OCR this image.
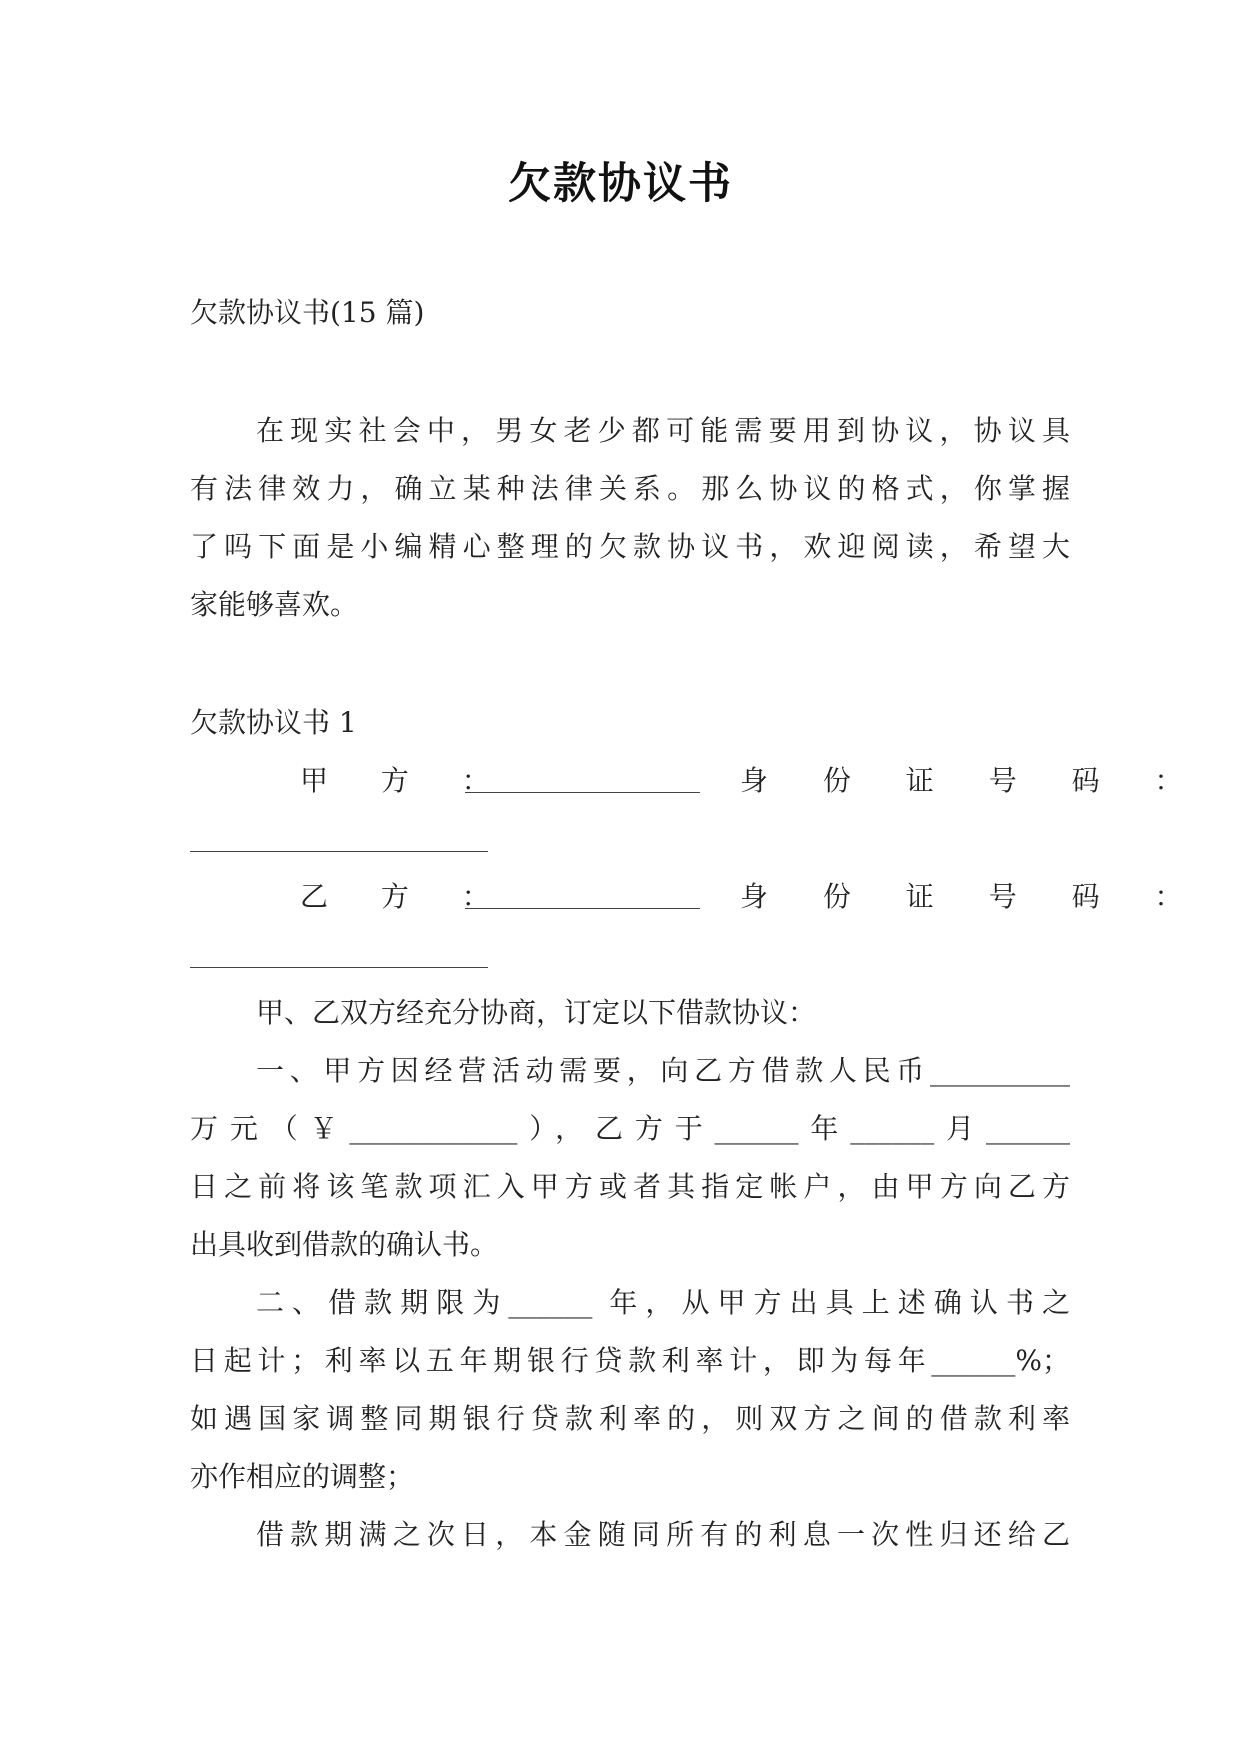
欠款协议书

欠款协议书(15 篇)

在现实社会中，男女老少都可能需要用到协议，协议具

有法律效力，确立某种法律关系。那么协议的格式，你掌握

了吗下面是小编精心整理的欠款协议书，欢迎阅读，希望大

家能够喜欢。

欠款协议书 1

甲 方 ：	身 份 证 号 码 ：
乙 方 ：	身 份 证 号 码 ：

甲、乙双方经充分协商，订定以下借款协议：

一、甲方因经营活动需要，向乙方借款人民币__________

万元（￥____________），乙方于______年______月______

日之前将该笔款项汇入甲方或者其指定帐户，由甲方向乙方

出具收到借款的确认书。

二、借款期限为______ 年，从甲方出具上述确认书之

日起计；利率以五年期银行贷款利率计，即为每年______%；

如遇国家调整同期银行贷款利率的，则双方之间的借款利率

亦作相应的调整；

借款期满之次日，本金随同所有的利息一次性归还给乙
